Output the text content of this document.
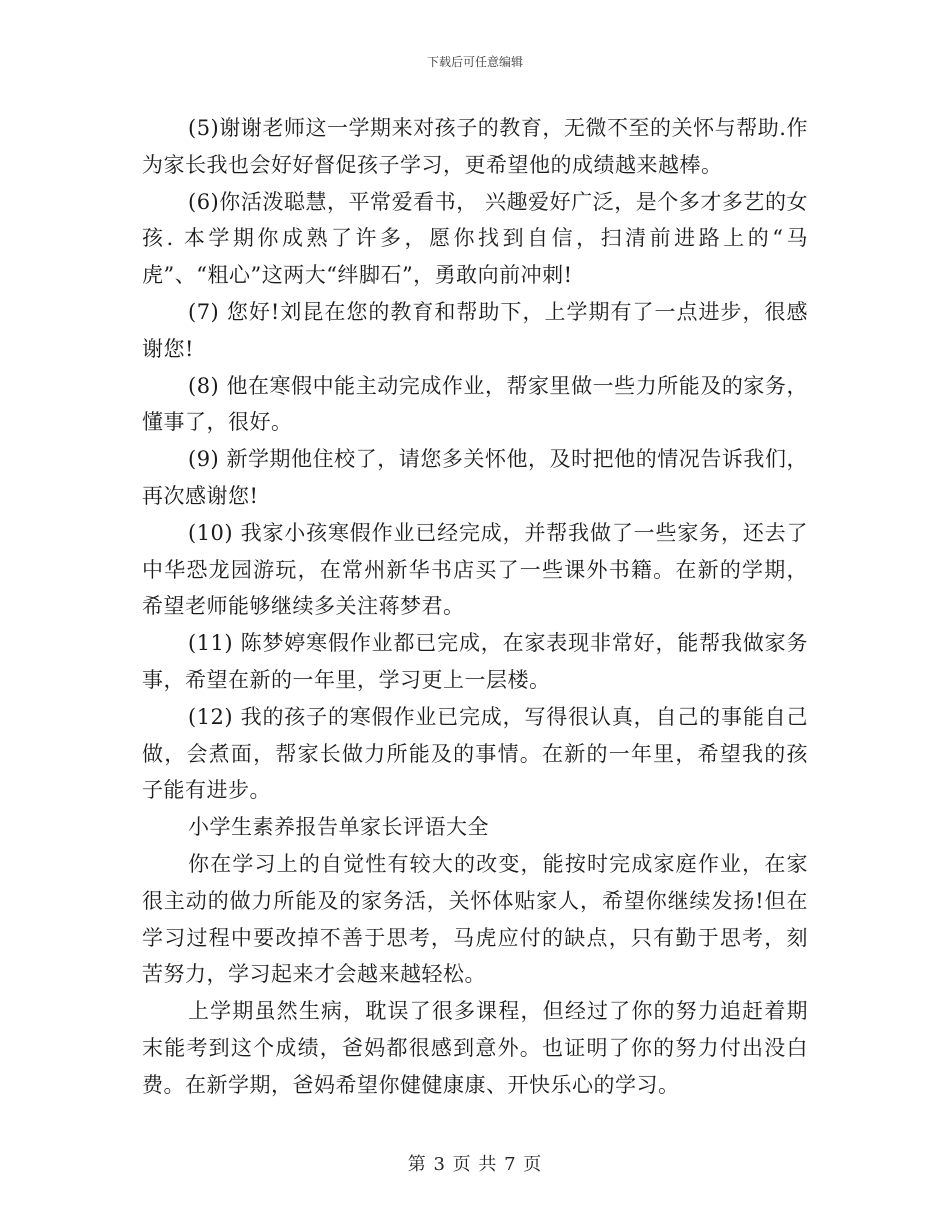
下载后可任意编辑

(5)谢谢老师这一学期来对孩子的教育，无微不至的关怀与帮助.作为家长我也会好好督促孩子学习，更希望他的成绩越来越棒。

(6)你活泼聪慧，平常爱看书， 兴趣爱好广泛，是个多才多艺的女孩. 本学期你成熟了许多，愿你找到自信，扫清前进路上的“马虎”、“粗心”这两大“绊脚石”，勇敢向前冲刺!

(7) 您好!刘昆在您的教育和帮助下，上学期有了一点进步，很感谢您!

(8) 他在寒假中能主动完成作业，帮家里做一些力所能及的家务，懂事了，很好。

(9) 新学期他住校了，请您多关怀他，及时把他的情况告诉我们，再次感谢您!

(10) 我家小孩寒假作业已经完成，并帮我做了一些家务，还去了中华恐龙园游玩，在常州新华书店买了一些课外书籍。在新的学期，希望老师能够继续多关注蒋梦君。

(11) 陈梦婷寒假作业都已完成，在家表现非常好，能帮我做家务事，希望在新的一年里，学习更上一层楼。

(12) 我的孩子的寒假作业已完成，写得很认真，自己的事能自己做，会煮面，帮家长做力所能及的事情。在新的一年里，希望我的孩子能有进步。

小学生素养报告单家长评语大全

你在学习上的自觉性有较大的改变，能按时完成家庭作业，在家很主动的做力所能及的家务活，关怀体贴家人，希望你继续发扬!但在学习过程中要改掉不善于思考，马虎应付的缺点，只有勤于思考，刻苦努力，学习起来才会越来越轻松。

上学期虽然生病，耽误了很多课程，但经过了你的努力追赶着期末能考到这个成绩，爸妈都很感到意外。也证明了你的努力付出没白费。在新学期，爸妈希望你健健康康、开快乐心的学习。

第 3 页 共 7 页
